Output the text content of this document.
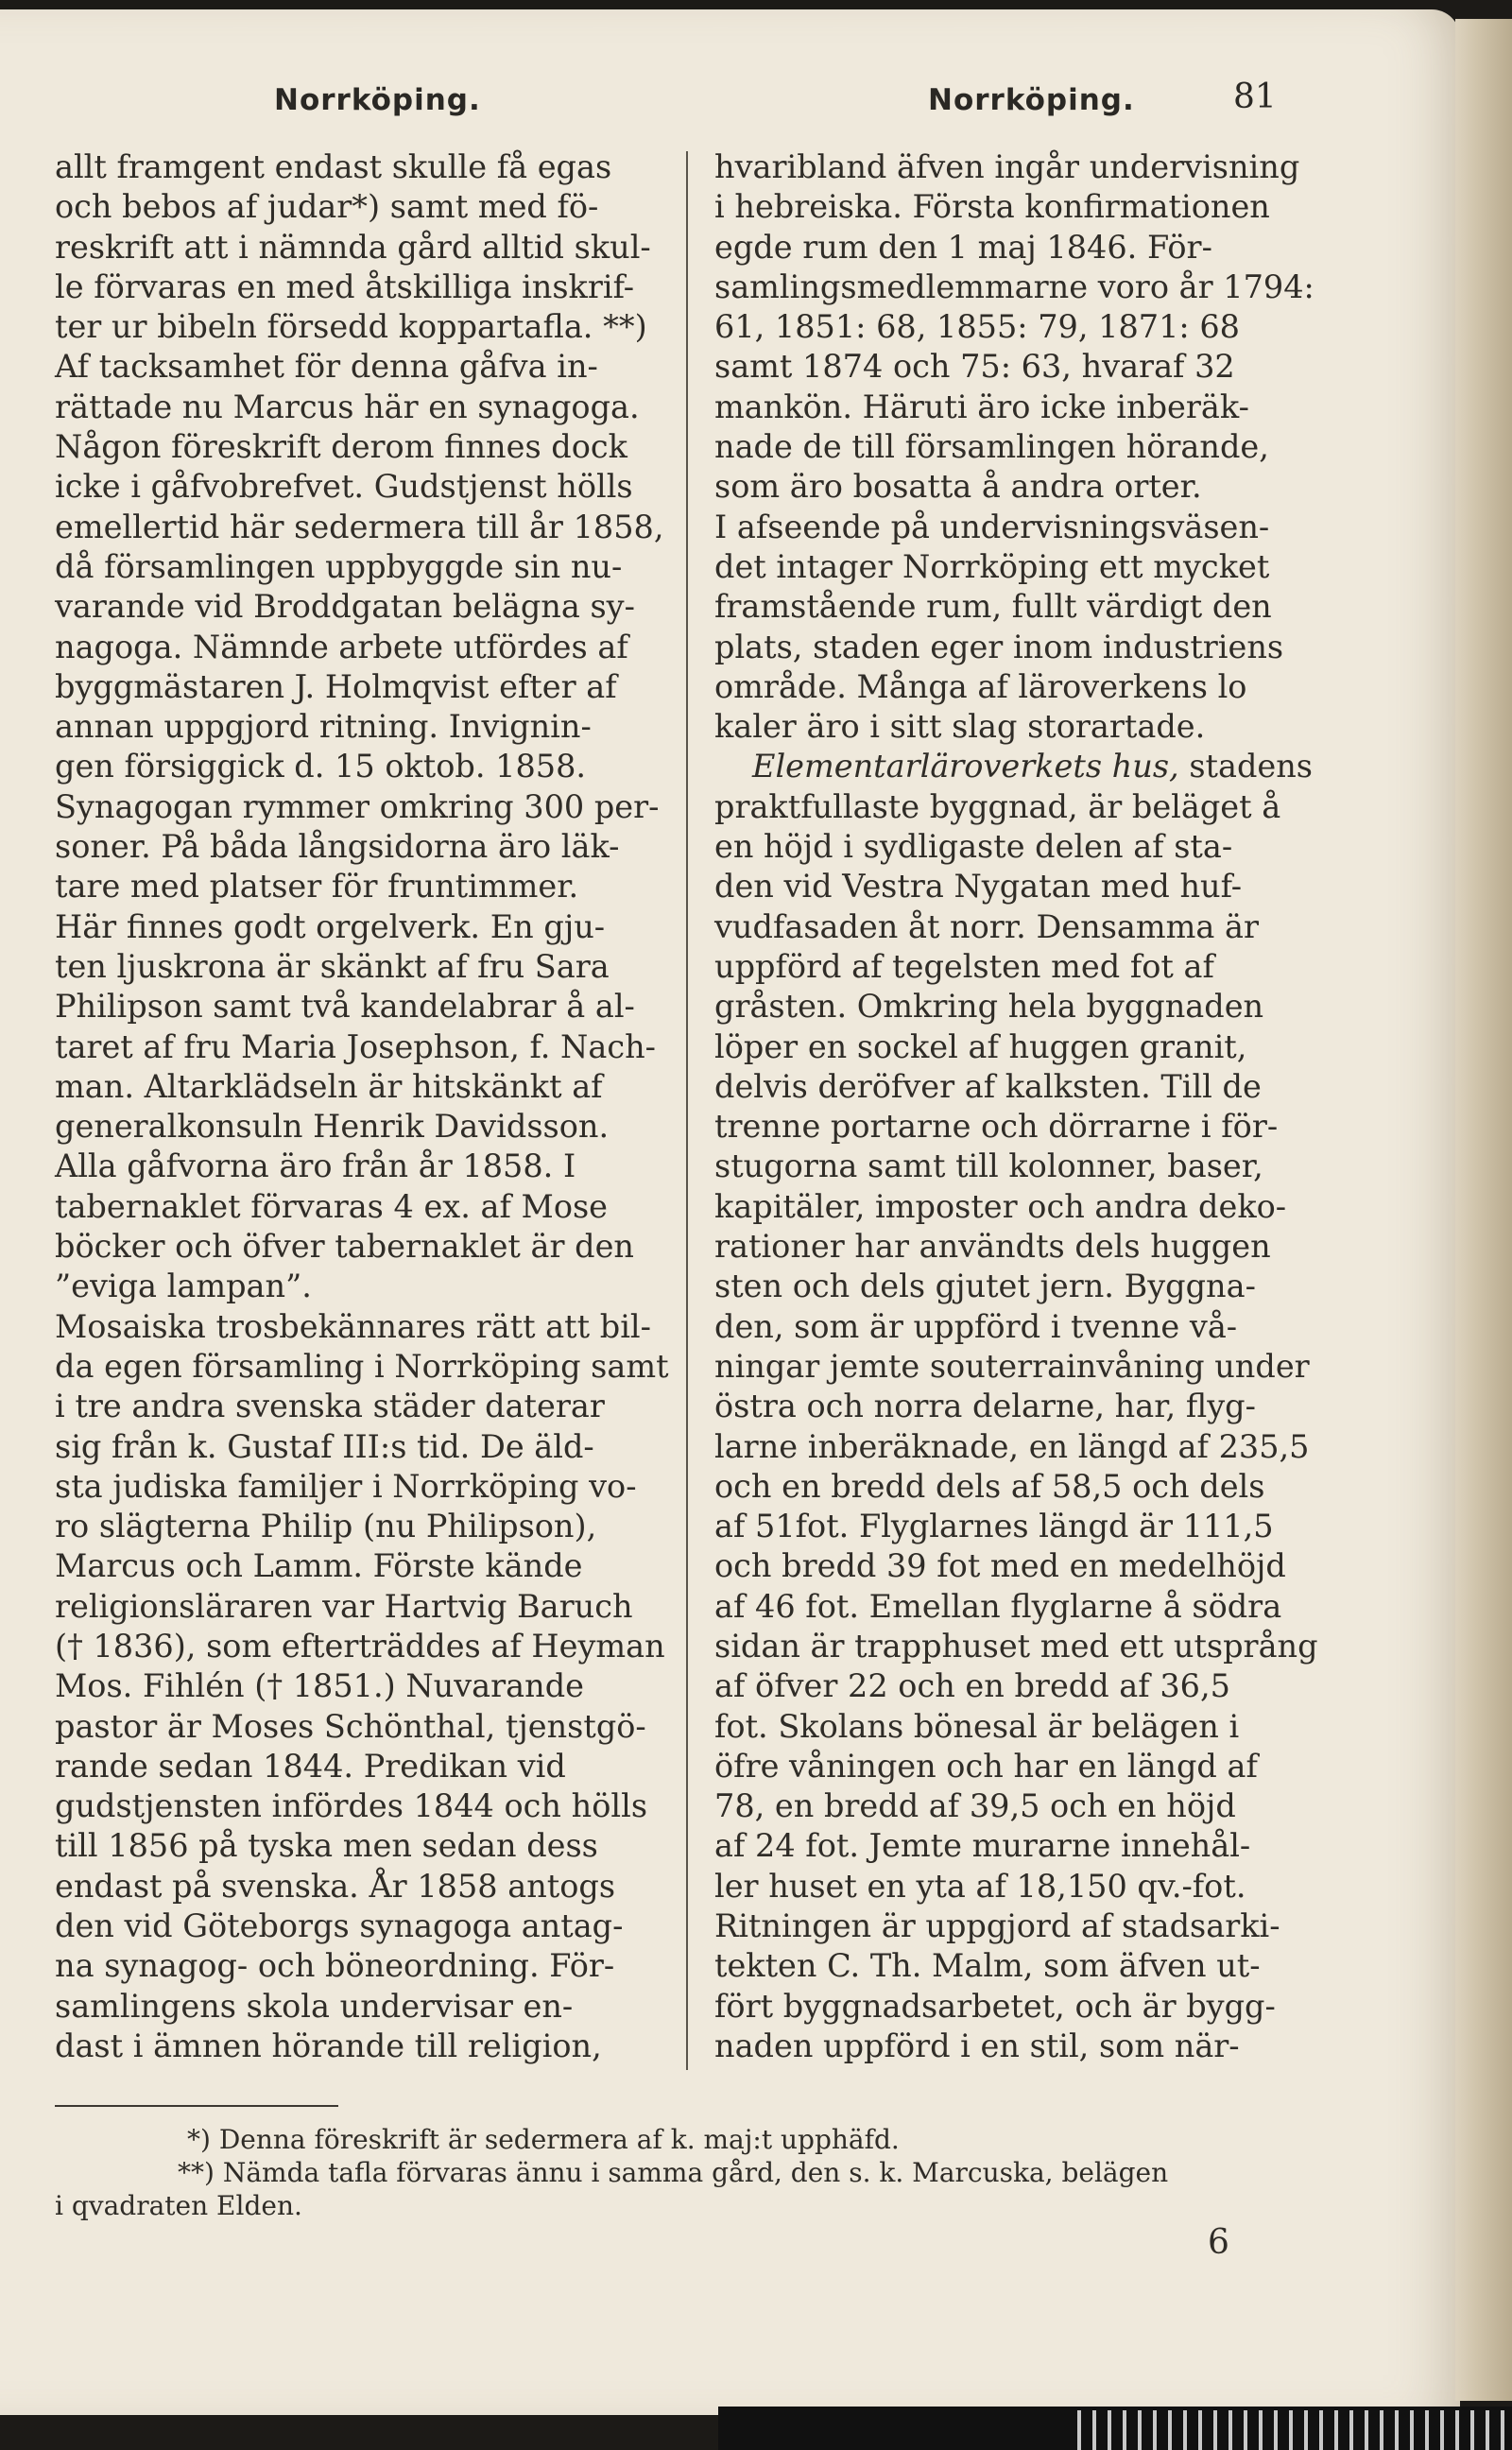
Norrköping.	Norrköping.	81
allt framgent endast skulle få egas
och bebos af judar*) samt med fö-
reskrift att i nämnda gård alltid skul-
le förvaras en med åtskilliga inskrif-
ter ur bibeln försedd koppartafla. **)
Af tacksamhet för denna gåfva in-
rättade nu Marcus här en synagoga.
Någon föreskrift derom finnes dock
icke i gåfvobrefvet. Gudstjenst hölls
emellertid här sedermera till år 1858,
då församlingen uppbyggde sin nu-
varande vid Broddgatan belägna sy-
nagoga. Nämnde arbete utfördes af
byggmästaren J. Holmqvist efter af
annan uppgjord ritning. Invignin-
gen försiggick d. 15 oktob. 1858.
Synagogan rymmer omkring 300 per-
soner. På båda långsidorna äro läk-
tare med platser för fruntimmer.
Här finnes godt orgelverk. En gju-
ten ljuskrona är skänkt af fru Sara
Philipson samt två kandelabrar å al-
taret af fru Maria Josephson, f. Nach-
man. Altarklädseln är hitskänkt af
generalkonsuln Henrik Davidsson.
Alla gåfvorna äro från år 1858. I
tabernaklet förvaras 4 ex. af Mose
böcker och öfver tabernaklet är den
”eviga lampan”.
Mosaiska trosbekännares rätt att bil-
da egen församling i Norrköping samt
i tre andra svenska städer daterar
sig från k. Gustaf III:s tid. De äld-
sta judiska familjer i Norrköping vo-
ro slägterna Philip (nu Philipson),
Marcus och Lamm. Förste kände
religionsläraren var Hartvig Baruch
(† 1836), som efterträddes af Heyman
Mos. Fihlén († 1851.) Nuvarande
pastor är Moses Schönthal, tjenstgö-
rande sedan 1844. Predikan vid
gudstjensten infördes 1844 och hölls
till 1856 på tyska men sedan dess
endast på svenska. År 1858 antogs
den vid Göteborgs synagoga antag-
na synagog- och böneordning. För-
samlingens skola undervisar en-
dast i ämnen hörande till religion,
hvaribland äfven ingår undervisning
i hebreiska. Första konfirmationen
egde rum den 1 maj 1846. För-
samlingsmedlemmarne voro år 1794:
61, 1851: 68, 1855: 79, 1871: 68
samt 1874 och 75: 63, hvaraf 32
mankön. Häruti äro icke inberäk-
nade de till församlingen hörande,
som äro bosatta å andra orter.
I afseende på undervisningsväsen-
det intager Norrköping ett mycket
framstående rum, fullt värdigt den
plats, staden eger inom industriens
område. Många af läroverkens lo
kaler äro i sitt slag storartade.
Elementarläroverkets hus, stadens
praktfullaste byggnad, är beläget å
en höjd i sydligaste delen af sta-
den vid Vestra Nygatan med huf-
vudfasaden åt norr. Densamma är
uppförd af tegelsten med fot af
gråsten. Omkring hela byggnaden
löper en sockel af huggen granit,
delvis deröfver af kalksten. Till de
trenne portarne och dörrarne i för-
stugorna samt till kolonner, baser,
kapitäler, imposter och andra deko-
rationer har användts dels huggen
sten och dels gjutet jern. Byggna-
den, som är uppförd i tvenne vå-
ningar jemte souterrainvåning under
östra och norra delarne, har, flyg-
larne inberäknade, en längd af 235,5
och en bredd dels af 58,5 och dels
af 51fot. Flyglarnes längd är 111,5
och bredd 39 fot med en medelhöjd
af 46 fot. Emellan flyglarne å södra
sidan är trapphuset med ett utsprång
af öfver 22 och en bredd af 36,5
fot. Skolans bönesal är belägen i
öfre våningen och har en längd af
78, en bredd af 39,5 och en höjd
af 24 fot. Jemte murarne innehål-
ler huset en yta af 18,150 qv.-fot.
Ritningen är uppgjord af stadsarki-
tekten C. Th. Malm, som äfven ut-
fört byggnadsarbetet, och är bygg-
naden uppförd i en stil, som när-
*) Denna föreskrift är sedermera af k. maj:t upphäfd.
**) Nämda tafla förvaras ännu i samma gård, den s. k. Marcuska, belägen
i qvadraten Elden.
6
